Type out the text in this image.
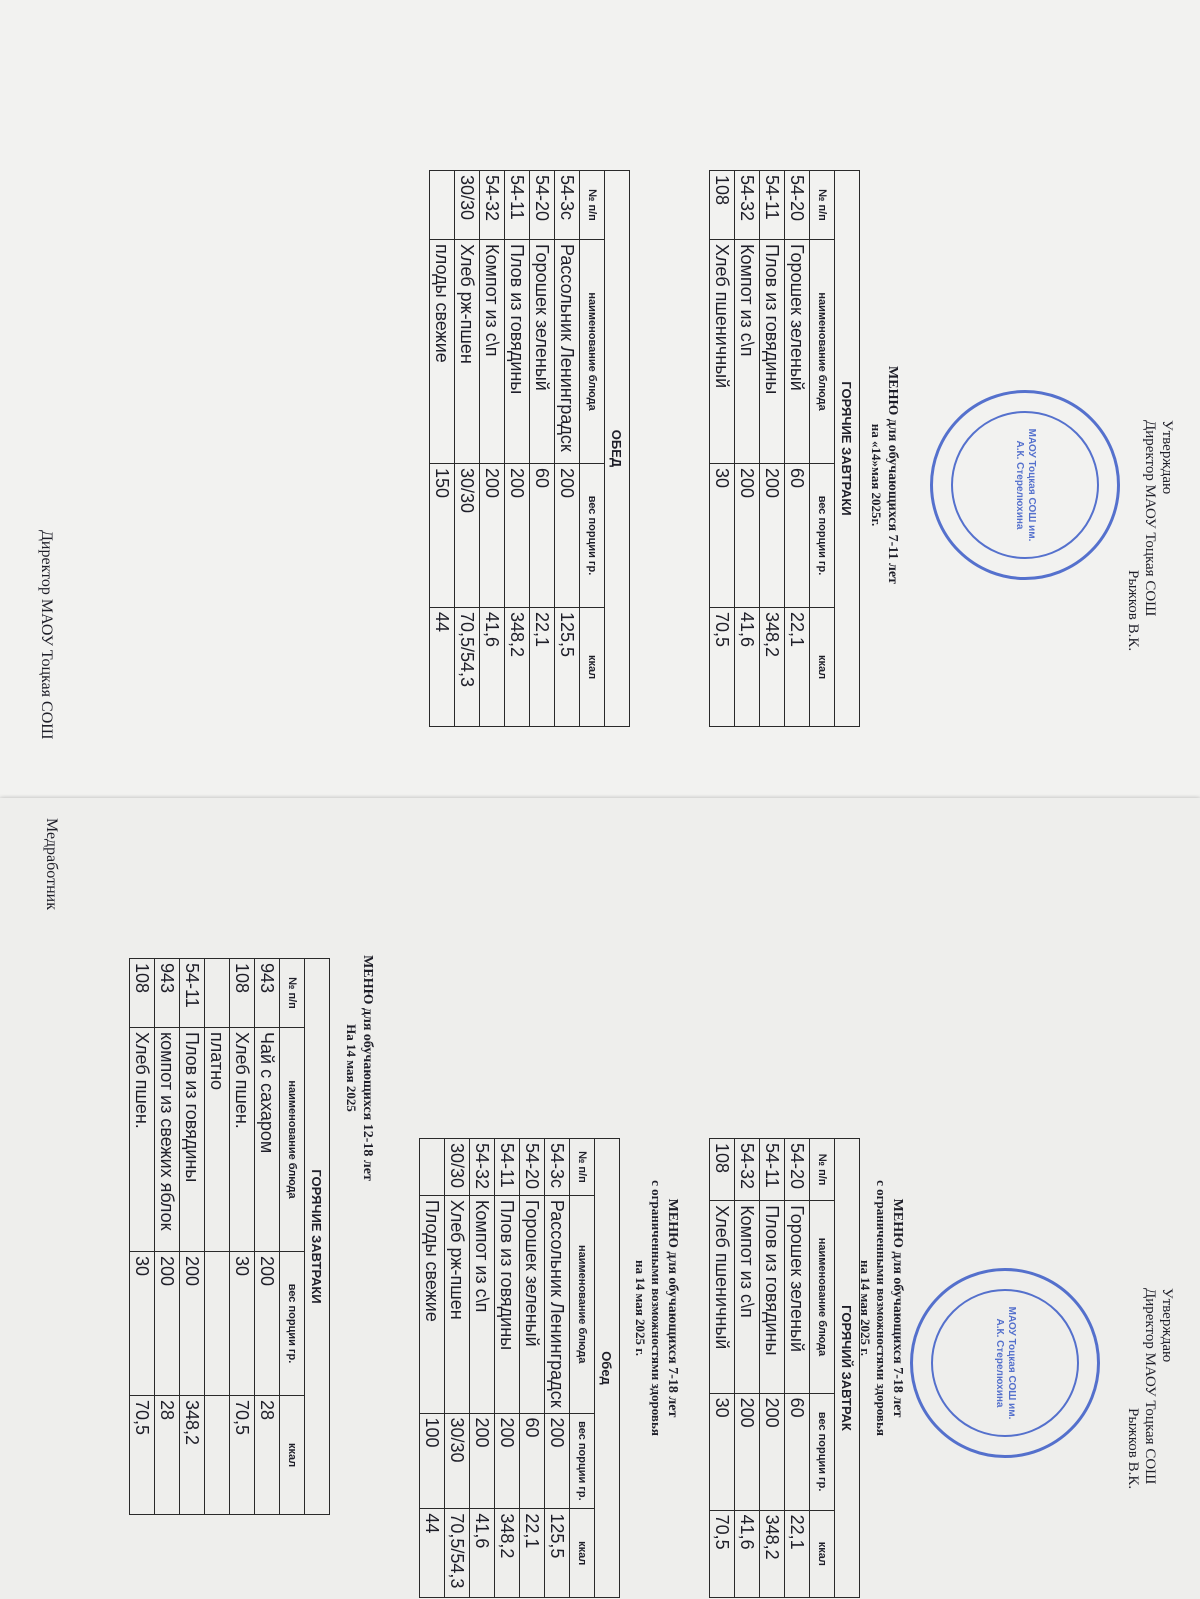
Утверждаю
Директор МАОУ Тоцкая СОШ
Рыжков В.К.
МАОУ Тоцкая СОШ им. А.К. Стерелюхина
МЕНЮ для обучающихся 7-11 лет
на «14»мая 2025г.
ГОРЯЧИЕ ЗАВТРАКИ			
№ п/п	наименование блюда	вес порции гр.	ккал
54-20	Горошек зеленый	60	22,1
54-11	Плов из говядины	200	348,2
54-32	Компот из с\п	200	41,6
108	Хлеб пшеничный	30	70,5
ОБЕД			
№ п/п	наименование блюда	вес порции гр.	ккал
54-3с	Рассольник Ленинградск	200	125,5
54-20	Горошек зеленый	60	22,1
54-11	Плов из говядины	200	348,2
54-32	Компот из с\п	200	41,6
30/30	Хлеб рж-пшен	30/30	70,5/54,3
	плоды свежие	150	44
Директор МАОУ Тоцкая СОШ
Утверждаю
Директор МАОУ Тоцкая СОШ
Рыжков В.К.
МАОУ Тоцкая СОШ им. А.К. Стерелюхина
МЕНЮ для обучающихся 7-18 лет
с ограниченными возможностями здоровья
на 14 мая 2025 г.
ГОРЯЧИЙ ЗАВТРАК			
№ п/п	наименование блюда	вес порции гр.	ккал
54-20	Горошек зеленый	60	22,1
54-11	Плов из говядины	200	348,2
54-32	Компот из с\п	200	41,6
108	Хлеб пшеничный	30	70,5
МЕНЮ для обучающихся 7-18 лет
с ограниченными возможностями здоровья
на 14 мая 2025 г.
Обед			
№ п/п	наименование блюда	вес порции гр.	ккал
54-3с	Рассольник Ленинградск	200	125,5
54-20	Горошек зеленый	60	22,1
54-11	Плов из говядины	200	348,2
54-32	Компот из с\п	200	41,6
30/30	Хлеб рж-пшен	30/30	70,5/54,3
	Плоды свежие	100	44
МЕНЮ для обучающихся 12-18 лет
На 14 мая 2025
ГОРЯЧИЕ ЗАВТРАКИ			
№ п/п	наименование блюда	вес порции гр.	ккал
943	Чай с сахаром	200	28
108	Хлеб пшен.	30	70,5
	платно		
54-11	Плов из говядины	200	348,2
943	компот из свежих яблок	200	28
108	Хлеб пшен.	30	70,5
Медработник
